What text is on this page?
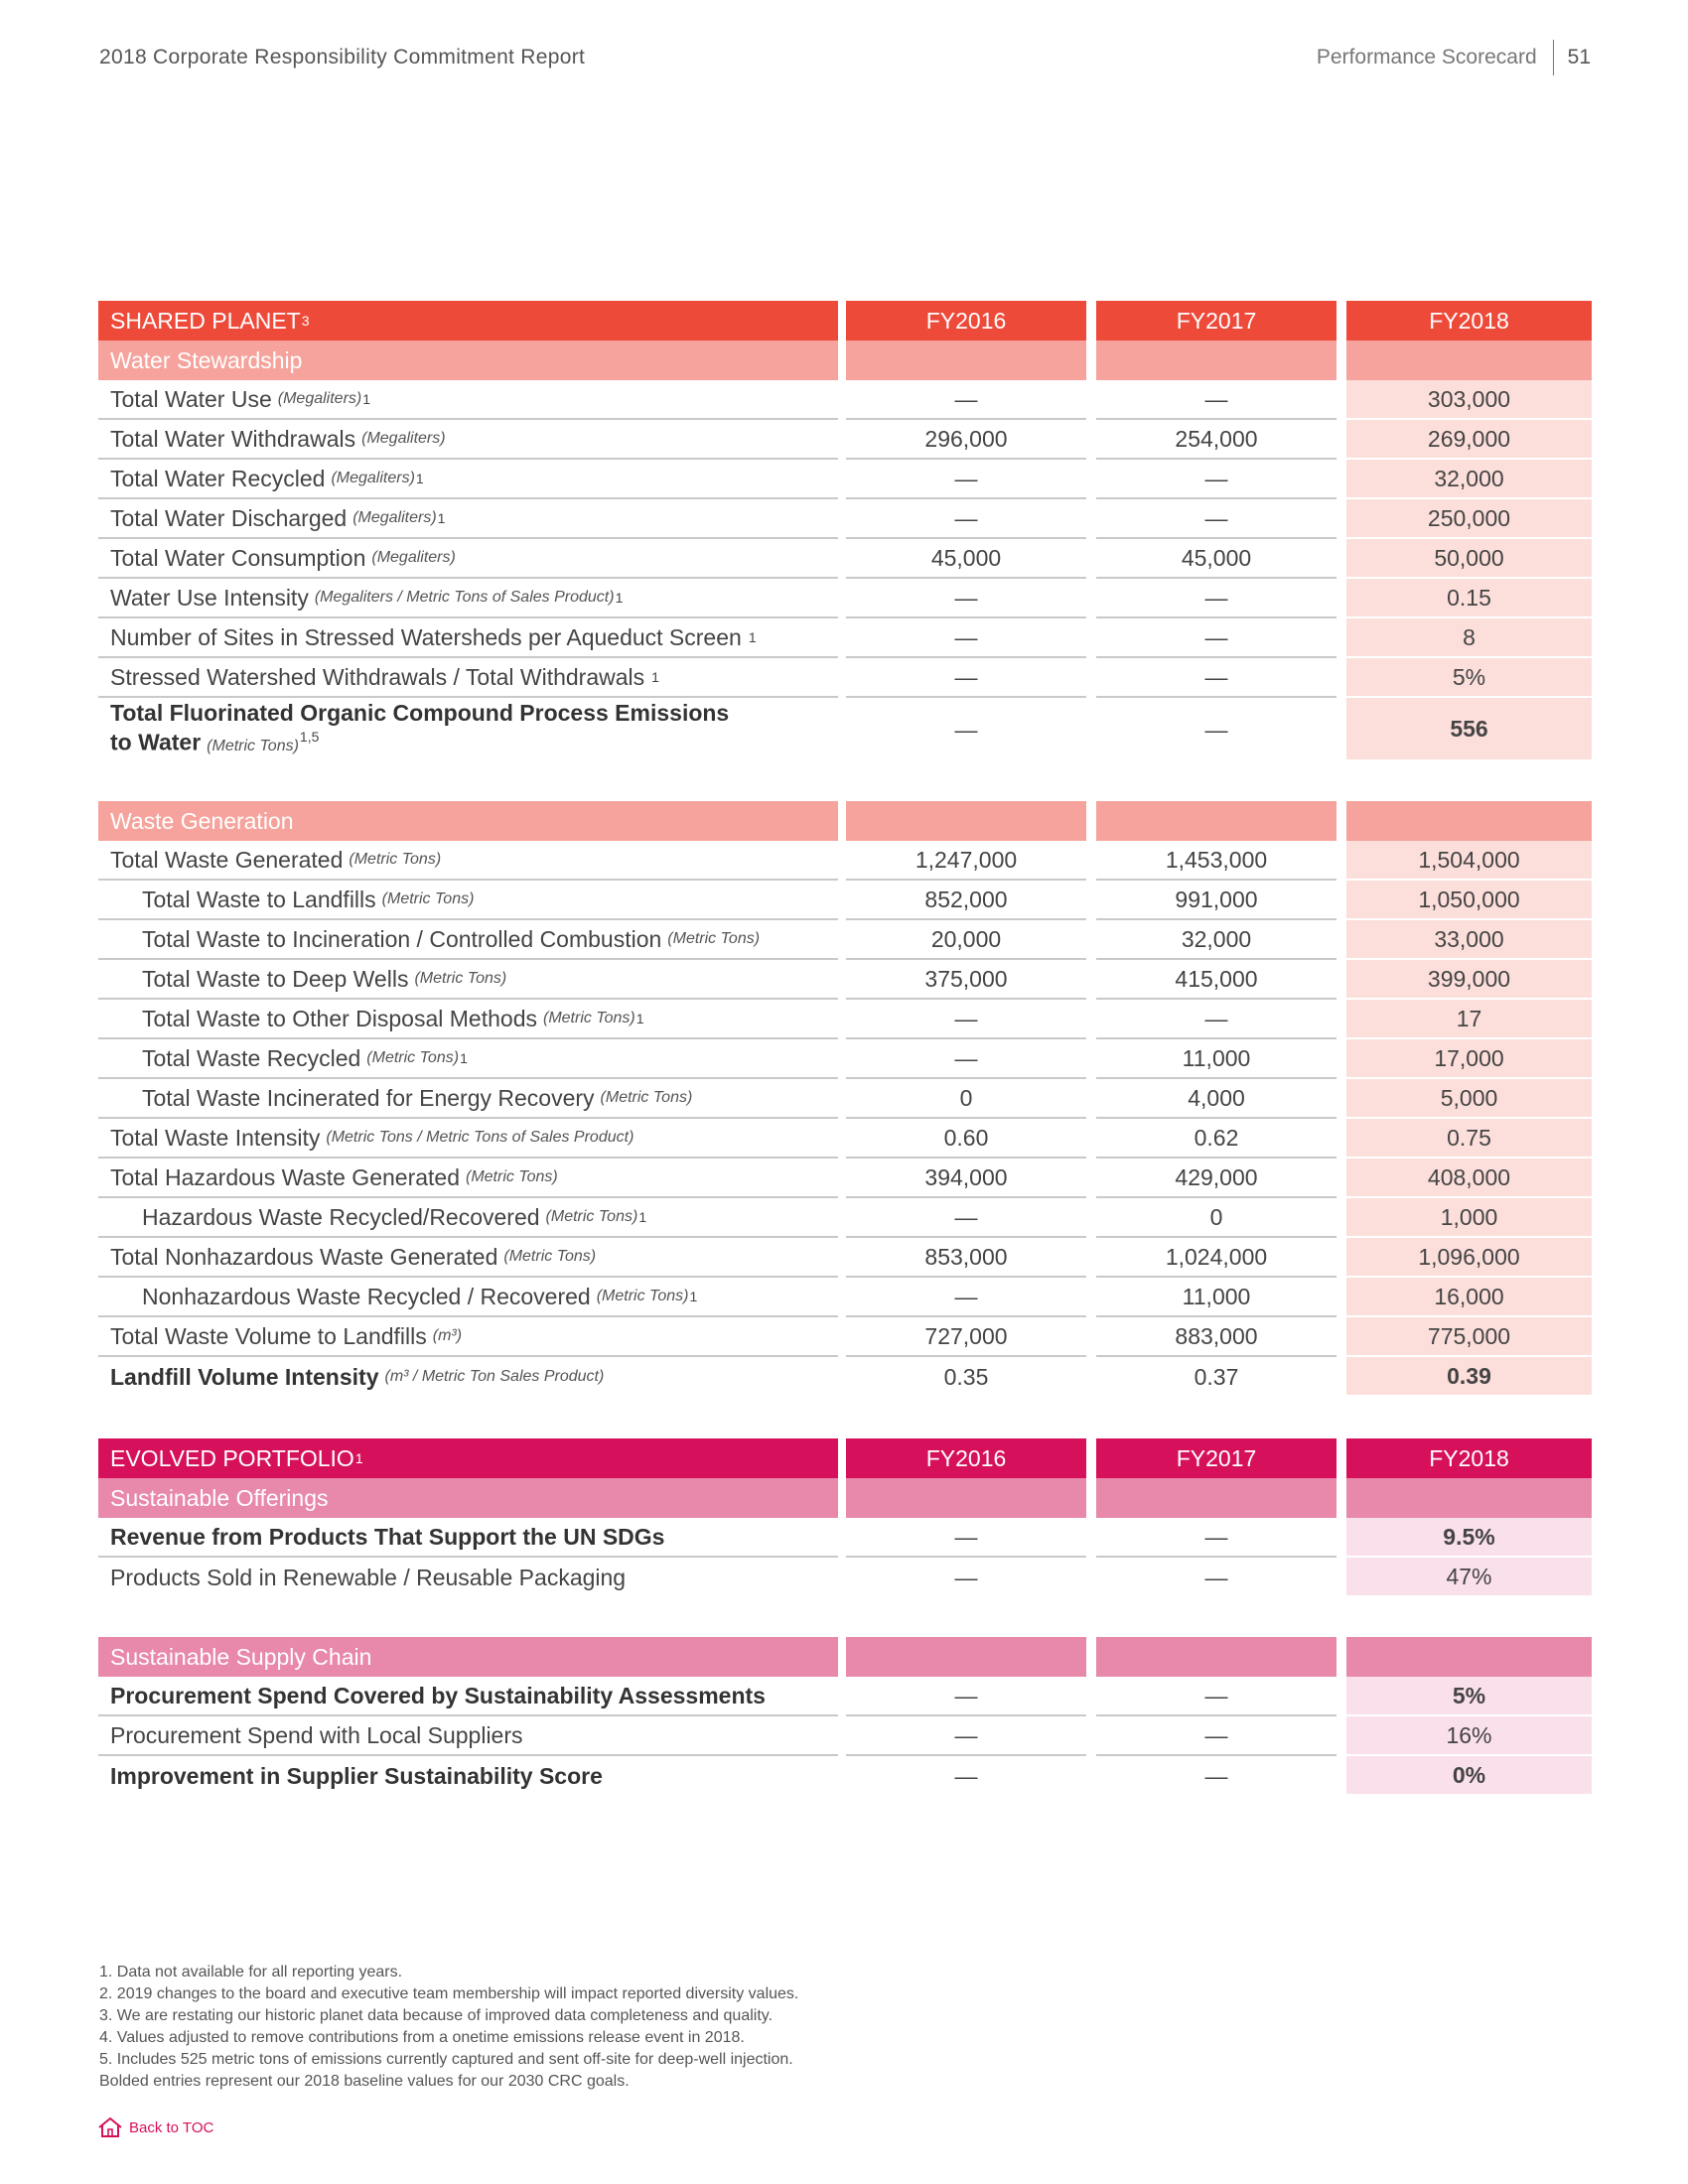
2018 Corporate Responsibility Commitment Report	Performance Scorecard 51
SHARED PLANET 3	FY2016	FY2017	FY2018
Water Stewardship
Total Water Use (Megaliters) 1	—	—	303,000
Total Water Withdrawals (Megaliters)	296,000	254,000	269,000
Total Water Recycled (Megaliters) 1	—	—	32,000
Total Water Discharged (Megaliters) 1	—	—	250,000
Total Water Consumption (Megaliters)	45,000	45,000	50,000
Water Use Intensity (Megaliters / Metric Tons of Sales Product) 1	—	—	0.15
Number of Sites in Stressed Watersheds per Aqueduct Screen 1	—	—	8
Stressed Watershed Withdrawals / Total Withdrawals 1	—	—	5%
Total Fluorinated Organic Compound Process Emissions
to Water (Metric Tons)$^{1,5}$	—	—	556
Waste Generation
Total Waste Generated (Metric Tons)	1,247,000	1,453,000	1,504,000
Total Waste to Landfills (Metric Tons)	852,000	991,000	1,050,000
Total Waste to Incineration / Controlled Combustion (Metric Tons)	20,000	32,000	33,000
Total Waste to Deep Wells (Metric Tons)	375,000	415,000	399,000
Total Waste to Other Disposal Methods (Metric Tons) 1	—	—	17
Total Waste Recycled (Metric Tons) 1	—	11,000	17,000
Total Waste Incinerated for Energy Recovery (Metric Tons)	0	4,000	5,000
Total Waste Intensity (Metric Tons / Metric Tons of Sales Product)	0.60	0.62	0.75
Total Hazardous Waste Generated (Metric Tons)	394,000	429,000	408,000
Hazardous Waste Recycled/Recovered (Metric Tons) 1	—	0	1,000
Total Nonhazardous Waste Generated (Metric Tons)	853,000	1,024,000	1,096,000
Nonhazardous Waste Recycled / Recovered (Metric Tons) 1	—	11,000	16,000
Total Waste Volume to Landfills (m³)	727,000	883,000	775,000
Landfill Volume Intensity (m³ / Metric Ton Sales Product)	0.35	0.37	0.39
EVOLVED PORTFOLIO 1	FY2016	FY2017	FY2018
Sustainable Offerings
Revenue from Products That Support the UN SDGs	—	—	9.5%
Products Sold in Renewable / Reusable Packaging	—	—	47%
Sustainable Supply Chain
Procurement Spend Covered by Sustainability Assessments	—	—	5%
Procurement Spend with Local Suppliers	—	—	16%
Improvement in Supplier Sustainability Score	—	—	0%
1. Data not available for all reporting years.
2. 2019 changes to the board and executive team membership will impact reported diversity values.
3. We are restating our historic planet data because of improved data completeness and quality.
4. Values adjusted to remove contributions from a onetime emissions release event in 2018.
5. Includes 525 metric tons of emissions currently captured and sent off-site for deep-well injection.
Bolded entries represent our 2018 baseline values for our 2030 CRC goals.
Back to TOC
